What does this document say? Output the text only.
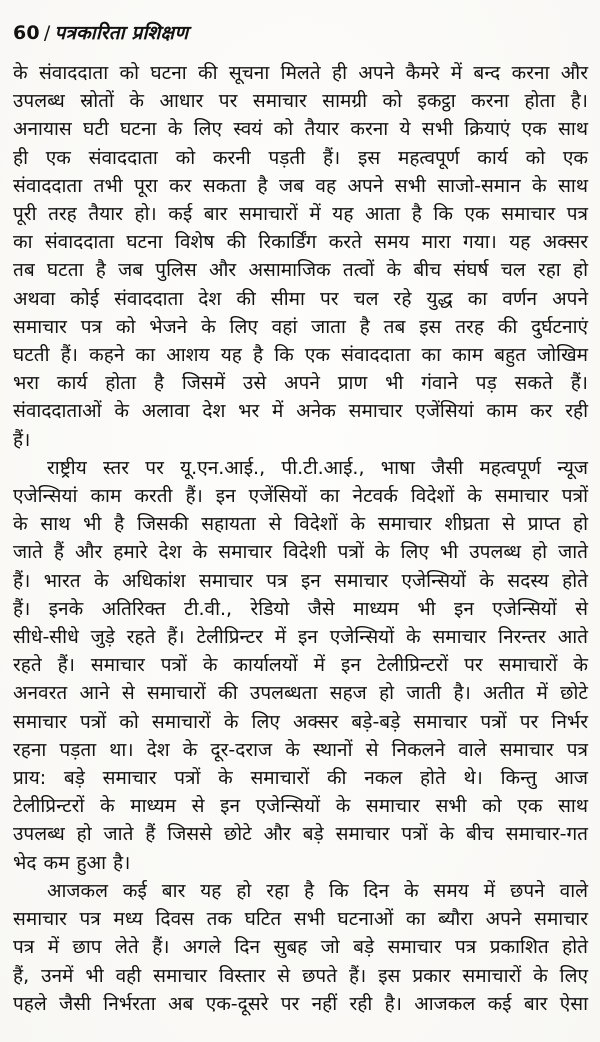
60 / पत्रकारिता प्रशिक्षण
के संवाददाता को घटना की सूचना मिलते ही अपने कैमरे में बन्द करना और
उपलब्ध स्रोतों के आधार पर समाचार सामग्री को इकट्ठा करना होता है।
अनायास घटी घटना के लिए स्वयं को तैयार करना ये सभी क्रियाएं एक साथ
ही एक संवाददाता को करनी पड़ती हैं। इस महत्वपूर्ण कार्य को एक
संवाददाता तभी पूरा कर सकता है जब वह अपने सभी साजो-समान के साथ
पूरी तरह तैयार हो। कई बार समाचारों में यह आता है कि एक समाचार पत्र
का संवाददाता घटना विशेष की रिकार्डिंग करते समय मारा गया। यह अक्सर
तब घटता है जब पुलिस और असामाजिक तत्वों के बीच संघर्ष चल रहा हो
अथवा कोई संवाददाता देश की सीमा पर चल रहे युद्ध का वर्णन अपने
समाचार पत्र को भेजने के लिए वहां जाता है तब इस तरह की दुर्घटनाएं
घटती हैं। कहने का आशय यह है कि एक संवाददाता का काम बहुत जोखिम
भरा कार्य होता है जिसमें उसे अपने प्राण भी गंवाने पड़ सकते हैं।
संवाददाताओं के अलावा देश भर में अनेक समाचार एजेंसियां काम कर रही
हैं।
राष्ट्रीय स्तर पर यू.एन.आई., पी.टी.आई., भाषा जैसी महत्वपूर्ण न्यूज
एजेन्सियां काम करती हैं। इन एजेंसियों का नेटवर्क विदेशों के समाचार पत्रों
के साथ भी है जिसकी सहायता से विदेशों के समाचार शीघ्रता से प्राप्त हो
जाते हैं और हमारे देश के समाचार विदेशी पत्रों के लिए भी उपलब्ध हो जाते
हैं। भारत के अधिकांश समाचार पत्र इन समाचार एजेन्सियों के सदस्य होते
हैं। इनके अतिरिक्त टी.वी., रेडियो जैसे माध्यम भी इन एजेन्सियों से
सीधे-सीधे जुड़े रहते हैं। टेलीप्रिन्टर में इन एजेन्सियों के समाचार निरन्तर आते
रहते हैं। समाचार पत्रों के कार्यालयों में इन टेलीप्रिन्टरों पर समाचारों के
अनवरत आने से समाचारों की उपलब्धता सहज हो जाती है। अतीत में छोटे
समाचार पत्रों को समाचारों के लिए अक्सर बड़े-बड़े समाचार पत्रों पर निर्भर
रहना पड़ता था। देश के दूर-दराज के स्थानों से निकलने वाले समाचार पत्र
प्राय: बड़े समाचार पत्रों के समाचारों की नकल होते थे। किन्तु आज
टेलीप्रिन्टरों के माध्यम से इन एजेन्सियों के समाचार सभी को एक साथ
उपलब्ध हो जाते हैं जिससे छोटे और बड़े समाचार पत्रों के बीच समाचार-गत
भेद कम हुआ है।
आजकल कई बार यह हो रहा है कि दिन के समय में छपने वाले
समाचार पत्र मध्य दिवस तक घटित सभी घटनाओं का ब्यौरा अपने समाचार
पत्र में छाप लेते हैं। अगले दिन सुबह जो बड़े समाचार पत्र प्रकाशित होते
हैं, उनमें भी वही समाचार विस्तार से छपते हैं। इस प्रकार समाचारों के लिए
पहले जैसी निर्भरता अब एक-दूसरे पर नहीं रही है। आजकल कई बार ऐसा
